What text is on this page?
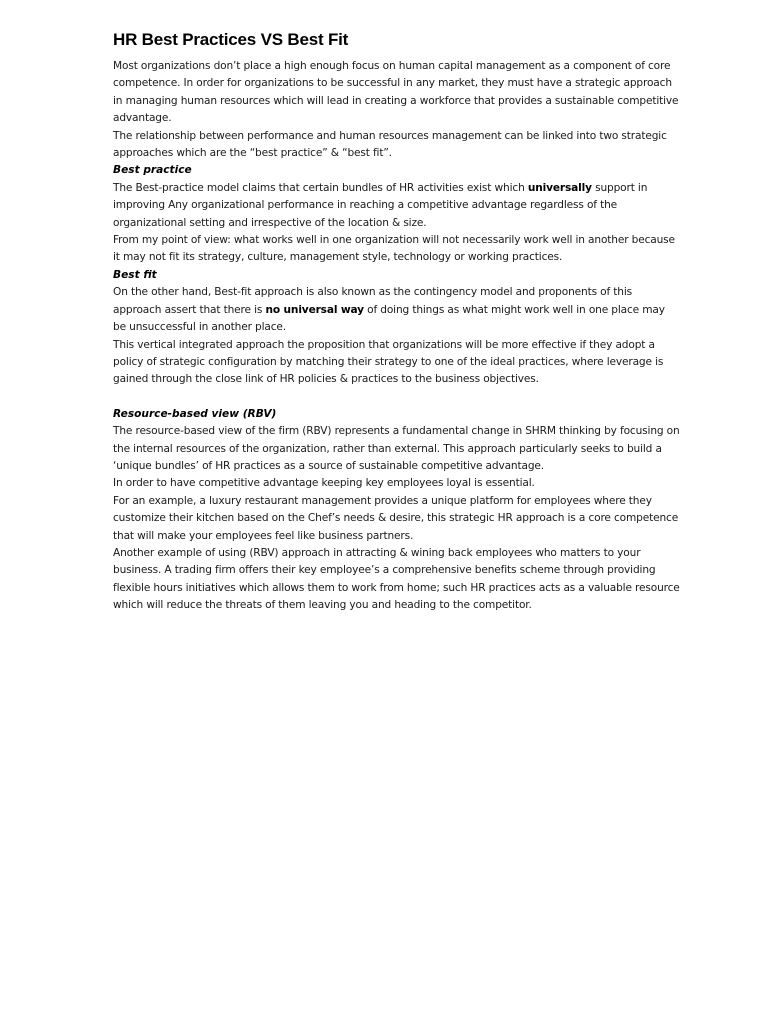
HR Best Practices VS Best Fit

Most organizations don’t place a high enough focus on human capital management as a component of core competence. In order for organizations to be successful in any market, they must have a strategic approach in managing human resources which will lead in creating a workforce that provides a sustainable competitive advantage.

The relationship between performance and human resources management can be linked into two strategic approaches which are the “best practice” & “best fit”.

Best practice

The Best-practice model claims that certain bundles of HR activities exist which universally support in improving Any organizational performance in reaching a competitive advantage regardless of the organizational setting and irrespective of the location & size.

From my point of view: what works well in one organization will not necessarily work well in another because it may not fit its strategy, culture, management style, technology or working practices.

Best fit

On the other hand, Best-fit approach is also known as the contingency model and proponents of this approach assert that there is no universal way of doing things as what might work well in one place may be unsuccessful in another place.

This vertical integrated approach the proposition that organizations will be more effective if they adopt a policy of strategic configuration by matching their strategy to one of the ideal practices, where leverage is gained through the close link of HR policies & practices to the business objectives.

Resource-based view (RBV)

The resource-based view of the firm (RBV) represents a fundamental change in SHRM thinking by focusing on the internal resources of the organization, rather than external. This approach particularly seeks to build a ‘unique bundles’ of HR practices as a source of sustainable competitive advantage.

In order to have competitive advantage keeping key employees loyal is essential.

For an example, a luxury restaurant management provides a unique platform for employees where they customize their kitchen based on the Chef’s needs & desire, this strategic HR approach is a core competence that will make your employees feel like business partners.

Another example of using (RBV) approach in attracting & wining back employees who matters to your business. A trading firm offers their key employee’s a comprehensive benefits scheme through providing flexible hours initiatives which allows them to work from home; such HR practices acts as a valuable resource which will reduce the threats of them leaving you and heading to the competitor.
